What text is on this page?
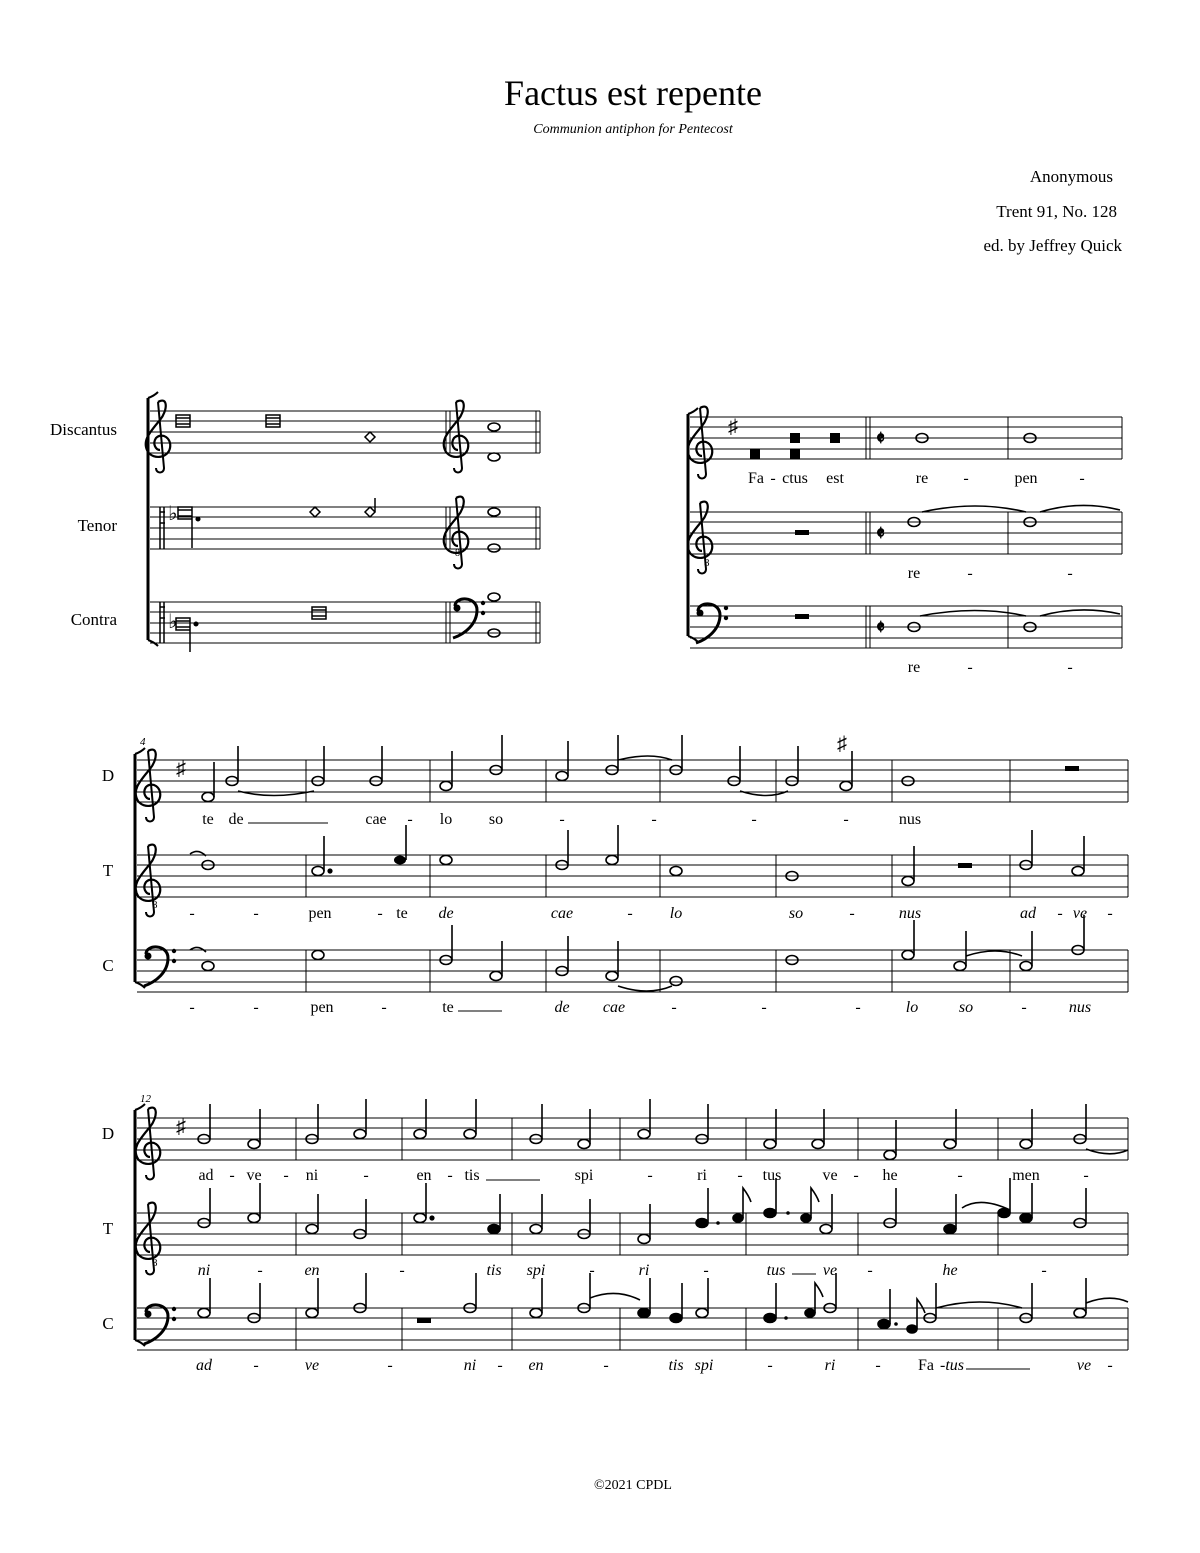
Factus est repente
Communion antiphon for Pentecost
Anonymous
Trent 91, No. 128
ed. by Jeffrey Quick
♭
♭
8
Discantus
Tenor
Contra
8
♯
𝄵
𝄵
𝄵
Fa - ctus est	re -	pen	-
re	-	-
re	-	-
4
8
♯
♯
D
T
C
te de	cae - lo so	-	-	-	-	nus
-	-	pen	- te de	cae	- lo	so	-	nus	ad - ve -
-	-	pen	-	te	de cae	-	-	-	lo	so	-	nus
12
8
♯
D
T
C
ad - ve - ni	-	en - tis	spi	-	ri - tus	ve - he	-	men	-
ni	-	en	-	tis spi	-	ri	-	tus ve -	he	-
ad	-	ve	-	ni - en	-	tis spi	-	ri	- Fa -tus	ve -
©2021 CPDL
